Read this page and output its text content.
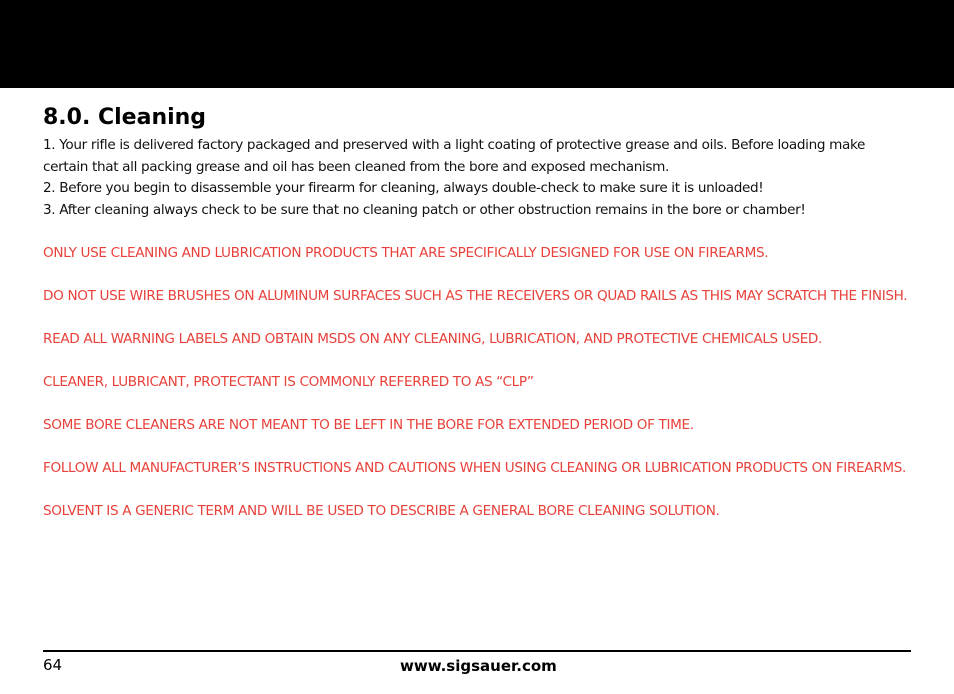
8.0. Cleaning
1. Your rifle is delivered factory packaged and preserved with a light coating of protective grease and oils. Before loading make certain that all packing grease and oil has been cleaned from the bore and exposed mechanism.
2. Before you begin to disassemble your firearm for cleaning, always double-check to make sure it is unloaded!
3. After cleaning always check to be sure that no cleaning patch or other obstruction remains in the bore or chamber!

ONLY USE CLEANING AND LUBRICATION PRODUCTS THAT ARE SPECIFICALLY DESIGNED FOR USE ON FIREARMS.

DO NOT USE WIRE BRUSHES ON ALUMINUM SURFACES SUCH AS THE RECEIVERS OR QUAD RAILS AS THIS MAY SCRATCH THE FINISH.

READ ALL WARNING LABELS AND OBTAIN MSDS ON ANY CLEANING, LUBRICATION, AND PROTECTIVE CHEMICALS USED.

CLEANER, LUBRICANT, PROTECTANT IS COMMONLY REFERRED TO AS “CLP”

SOME BORE CLEANERS ARE NOT MEANT TO BE LEFT IN THE BORE FOR EXTENDED PERIOD OF TIME.

FOLLOW ALL MANUFACTURER’S INSTRUCTIONS AND CAUTIONS WHEN USING CLEANING OR LUBRICATION PRODUCTS ON FIREARMS.

SOLVENT IS A GENERIC TERM AND WILL BE USED TO DESCRIBE A GENERAL BORE CLEANING SOLUTION.

64	www.sigsauer.com
